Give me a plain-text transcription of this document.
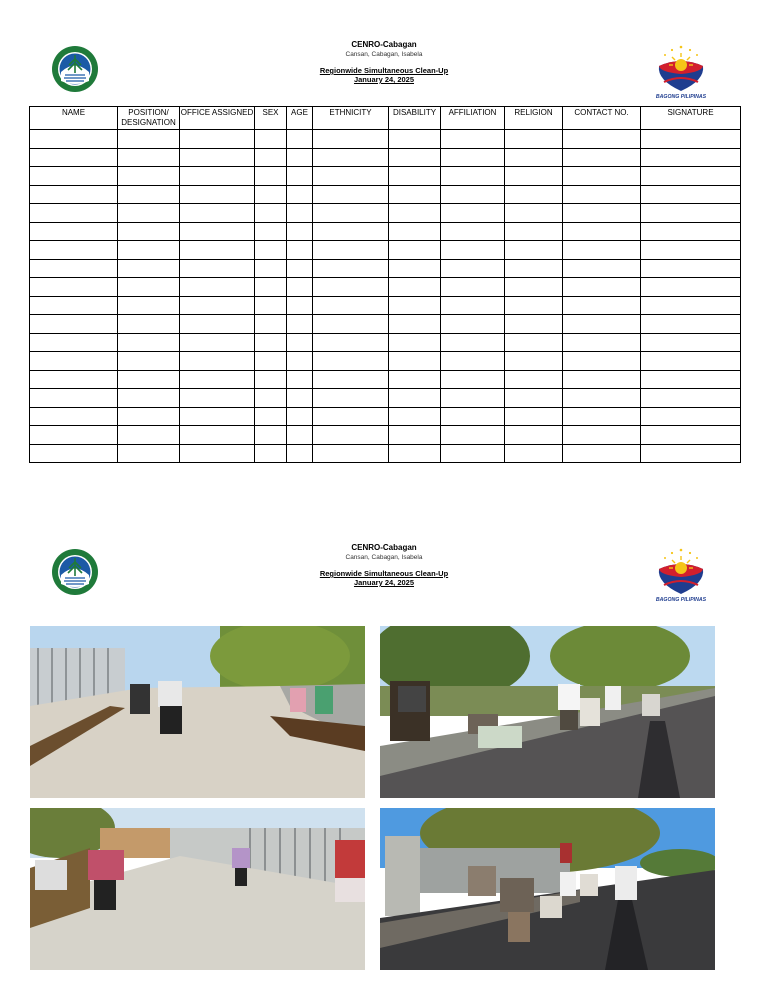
CENRO-Cabagan
Cansan, Cabagan, Isabela
Regionwide Simultaneous Clean-Up
January 24, 2025
BAGONG PILIPINAS
NAME	POSITION/ DESIGNATION	OFFICE ASSIGNED	SEX	AGE	ETHNICITY	DISABILITY	AFFILIATION	RELIGION	CONTACT NO.	SIGNATURE

CENRO-Cabagan
Cansan, Cabagan, Isabela
Regionwide Simultaneous Clean-Up
January 24, 2025
BAGONG PILIPINAS
